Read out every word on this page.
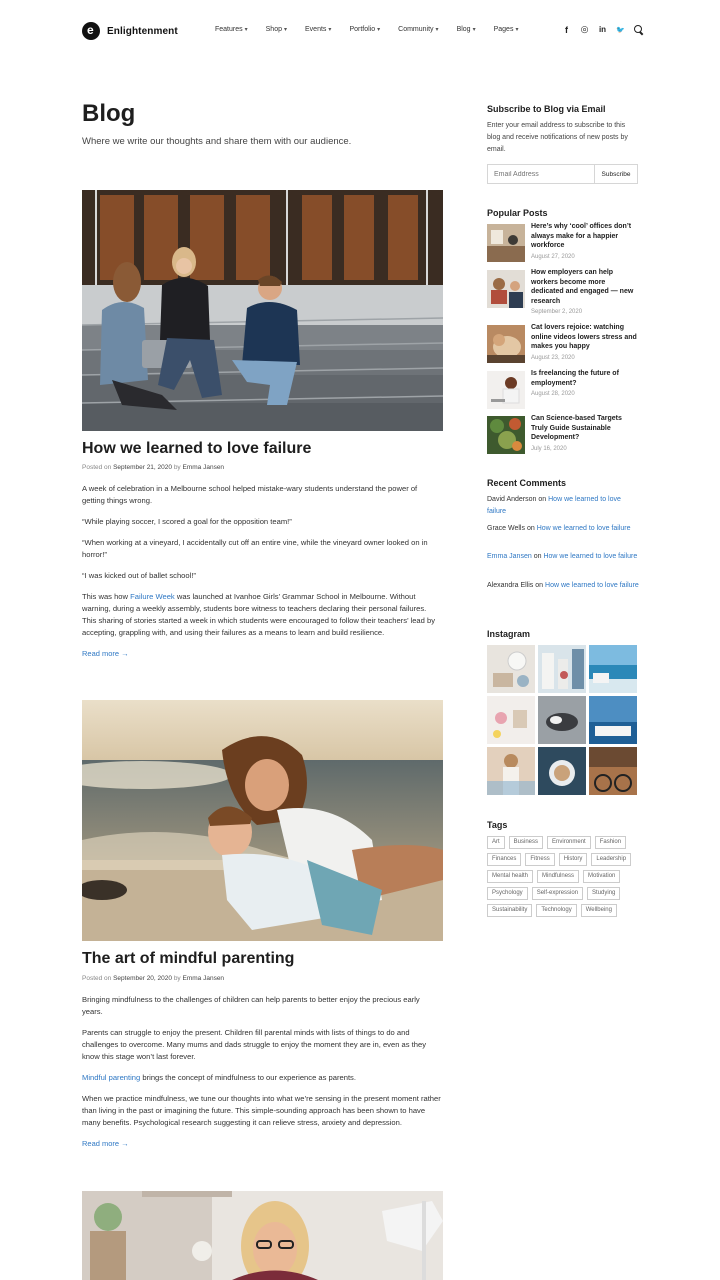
e
Enlightenment	Features ▾	Shop ▾	Events ▾	Portfolio ▾	Community ▾	Blog ▾	Pages ▾	f	◎ in 🐦
Blog

Where we write our thoughts and share them with our audience.

How we learned to love failure
Posted on September 21, 2020 by Emma Jansen

A week of celebration in a Melbourne school helped mistake-wary students understand the power of getting things wrong.

“While playing soccer, I scored a goal for the opposition team!”

“When working at a vineyard, I accidentally cut off an entire vine, while the vineyard owner looked on in horror!”

“I was kicked out of ballet school!”

This was how Failure Week was launched at Ivanhoe Girls’ Grammar School in Melbourne. Without warning, during a weekly assembly, students bore witness to teachers declaring their personal failures. This sharing of stories started a week in which students were encouraged to follow their teachers’ lead by accepting, grappling with, and using their failures as a means to learn and build resilience.

Read more →
The art of mindful parenting
Posted on September 20, 2020 by Emma Jansen

Bringing mindfulness to the challenges of children can help parents to better enjoy the precious early years.

Parents can struggle to enjoy the present. Children fill parental minds with lists of things to do and challenges to overcome. Many mums and dads struggle to enjoy the moment they are in, even as they know this stage won’t last forever.

Mindful parenting brings the concept of mindfulness to our experience as parents.

When we practice mindfulness, we tune our thoughts into what we’re sensing in the present moment rather than living in the past or imagining the future. This simple-sounding approach has been shown to have many benefits. Psychological research suggesting it can relieve stress, anxiety and depression.

Read more →
Subscribe to Blog via Email

Enter your email address to subscribe to this blog and receive notifications of new posts by email.

Email Address
Subscribe
Popular Posts
Here’s why ‘cool’ offices don’t always make for a happier workforce
August 27, 2020
How employers can help workers become more dedicated and engaged — new research
September 2, 2020
Cat lovers rejoice: watching online videos lowers stress and makes you happy
August 23, 2020
Is freelancing the future of employment?
August 28, 2020
Can Science-based Targets Truly Guide Sustainable Development?
July 16, 2020
Recent Comments
David Anderson on How we learned to love failure
Grace Wells on How we learned to love failure
Emma Jansen on How we learned to love failure
Alexandra Ellis on How we learned to love failure
Instagram
Tags
Art	Business	Environment	Fashion
Finances	Fitness	History	Leadership
Mental health	Mindfulness	Motivation
Psychology	Self-expression	Studying
Sustainability	Technology	Wellbeing
